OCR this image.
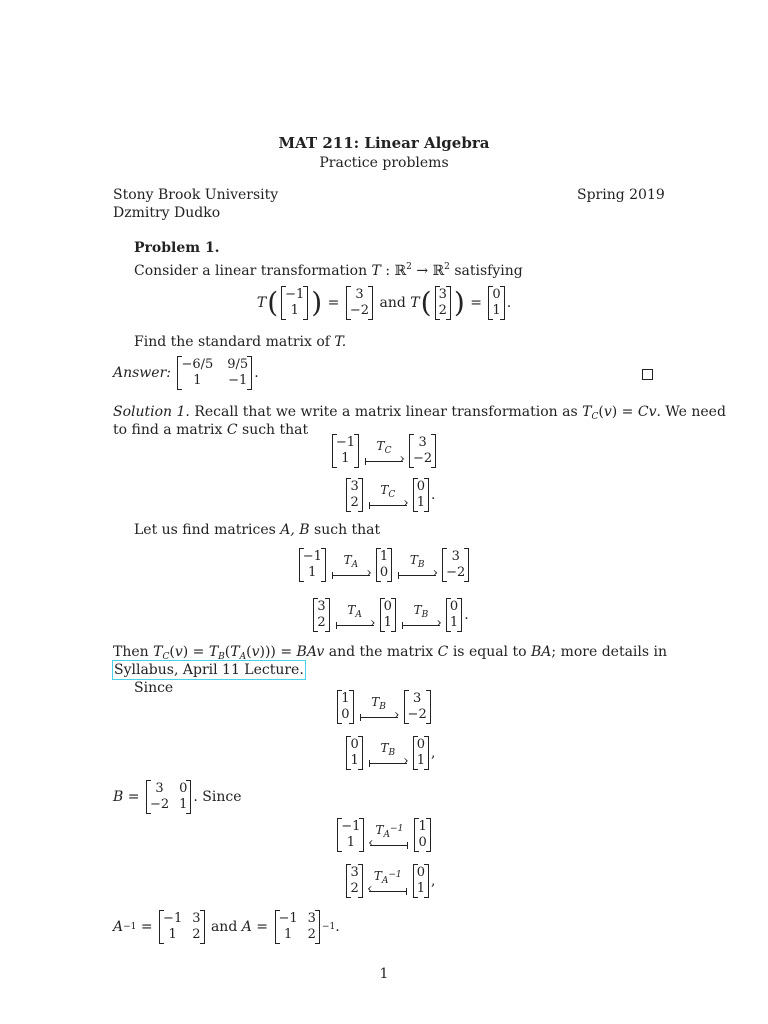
MAT 211: Linear Algebra
Practice problems
Stony Brook University
Dzmitry Dudko
Spring 2019
Problem 1.
Consider a linear transformation T : ℝ$^2$ → ℝ$^2$ satisfying
T ( −1
1 ) =
3
−2
and
T ( 3
2 ) =
0
1 .
Find the standard matrix of T.
Answer:

−6/5 9/5
1	−1 .
Solution 1. Recall that we write a matrix linear transformation as $T_C(v) = Cv$. We need
to find a matrix C such that
−1
1
$T_C$
›
3
−2
3
2
$T_C$
›
0
1 .
Let us find matrices A, B such that
−1
1
$T_A$
›
1
0
$T_B$
›
3
−2
3
2
$T_A$
›
0
1
$T_B$
›
0
1 .
Then $T_C(v) = T_B(T_A(v))$) = BAv and the matrix C is equal to BA; more details in
Syllabus, April 11 Lecture.
Since
1
0
$T_B$
›
3
−2
0
1
$T_B$
›
0
1 ,
B =
3	0
−2 1 . Since
−1
1
$T_{A^{-1}}$
› 1
0
3
2
$T_{A^{-1}}$
› 0
1 ,
A −1 =
−1 3
1	2
and
A =
−1 3
1	2 −1 .
1
